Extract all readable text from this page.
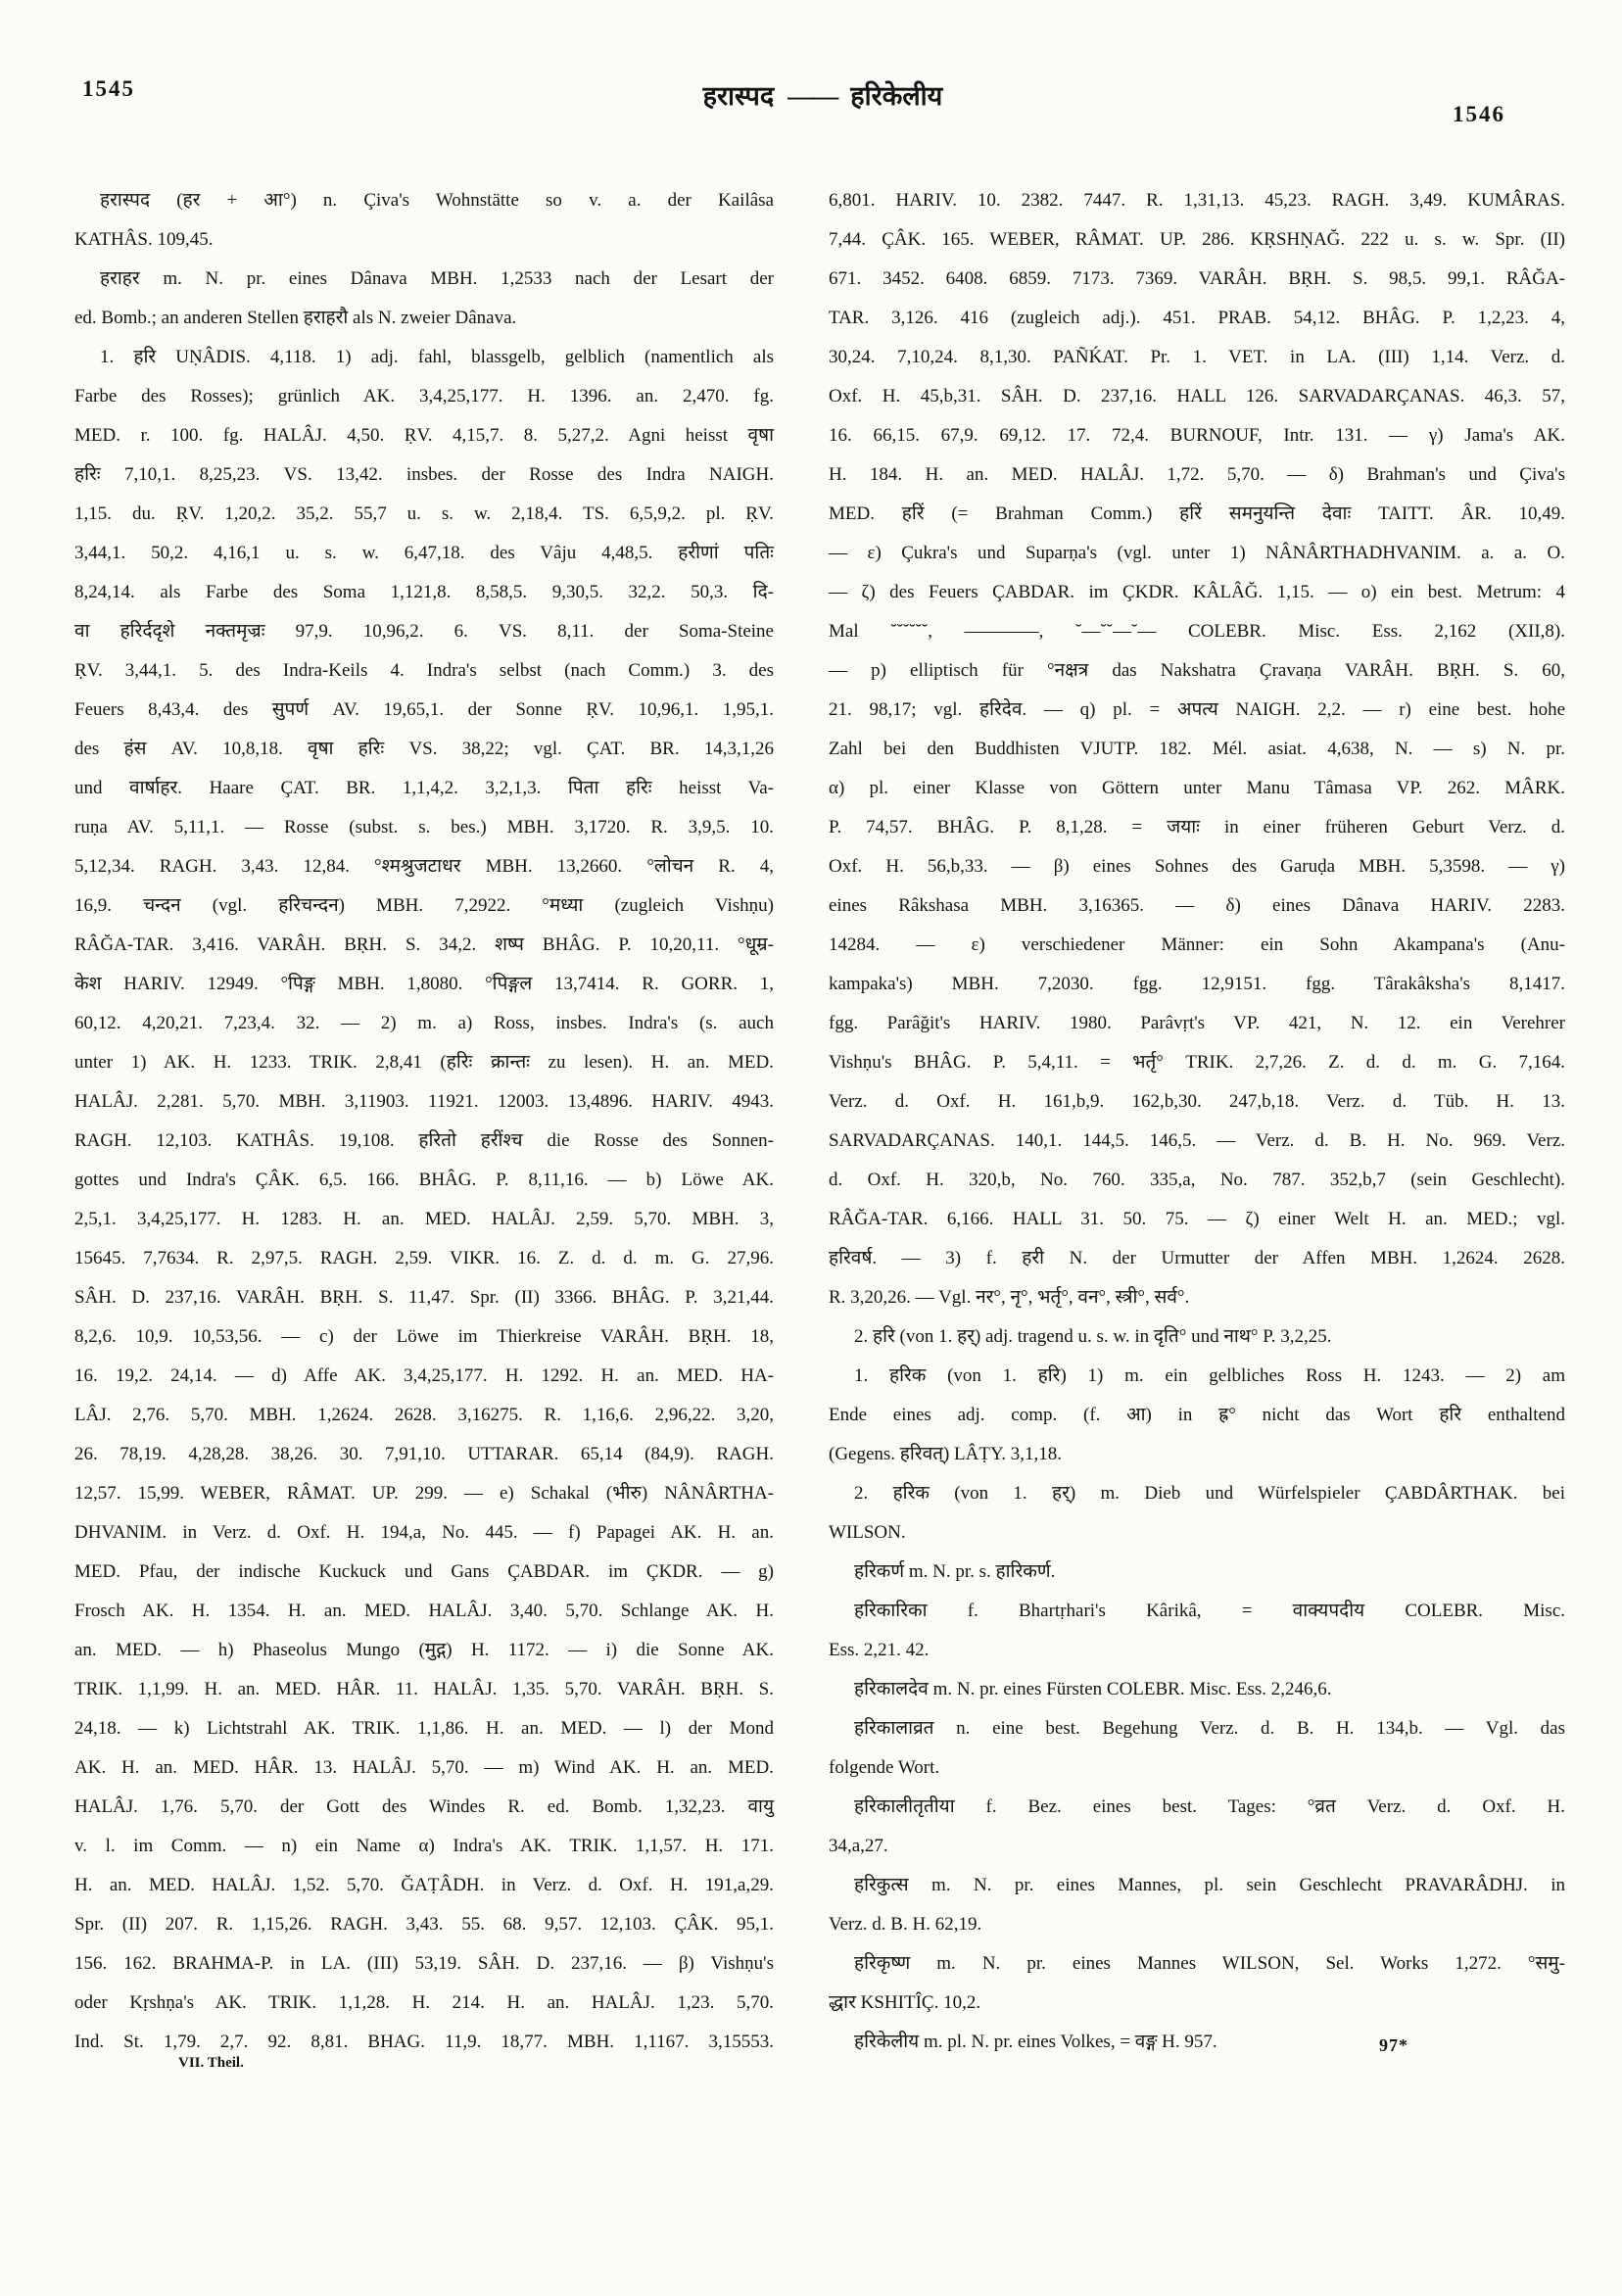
1545	हरास्पद —— हरिकेलीय
1546
हरास्पद (हर + आ°) n. Çiva's Wohnstätte so v. a. der Kailâsa
KATHÂS. 109,45.
हराहर m. N. pr. eines Dânava MBH. 1,2533 nach der Lesart der
ed. Bomb.; an anderen Stellen हराहरौ als N. zweier Dânava.
1. हरि UṆÂDIS. 4,118. 1) adj. fahl, blassgelb, gelblich (namentlich als
Farbe des Rosses); grünlich AK. 3,4,25,177. H. 1396. an. 2,470. fg.
MED. r. 100. fg. HALÂJ. 4,50. ṚV. 4,15,7. 8. 5,27,2. Agni heisst वृषा
हरिः 7,10,1. 8,25,23. VS. 13,42. insbes. der Rosse des Indra NAIGH.
1,15. du. ṚV. 1,20,2. 35,2. 55,7 u. s. w. 2,18,4. TS. 6,5,9,2. pl. ṚV.
3,44,1. 50,2. 4,16,1 u. s. w. 6,47,18. des Vâju 4,48,5. हरीणां पतिः
8,24,14. als Farbe des Soma 1,121,8. 8,58,5. 9,30,5. 32,2. 50,3. दि-
वा हरिर्ददृशे नक्तमृज्रः 97,9. 10,96,2. 6. VS. 8,11. der Soma-Steine
ṚV. 3,44,1. 5. des Indra-Keils 4. Indra's selbst (nach Comm.) 3. des
Feuers 8,43,4. des सुपर्ण AV. 19,65,1. der Sonne ṚV. 10,96,1. 1,95,1.
des हंस AV. 10,8,18. वृषा हरिः VS. 38,22; vgl. ÇAT. BR. 14,3,1,26
und वार्षाहर. Haare ÇAT. BR. 1,1,4,2. 3,2,1,3. पिता हरिः heisst Va-
ruṇa AV. 5,11,1. — Rosse (subst. s. bes.) MBH. 3,1720. R. 3,9,5. 10.
5,12,34. RAGH. 3,43. 12,84. °श्मश्रुजटाधर MBH. 13,2660. °लोचन R. 4,
16,9. चन्दन (vgl. हरिचन्दन) MBH. 7,2922. °मध्या (zugleich Vishṇu)
RÂĞA-TAR. 3,416. VARÂH. BṚH. S. 34,2. शष्प BHÂG. P. 10,20,11. °धूम्र-
केश HARIV. 12949. °पिङ्ग MBH. 1,8080. °पिङ्गल 13,7414. R. GORR. 1,
60,12. 4,20,21. 7,23,4. 32. — 2) m. a) Ross, insbes. Indra's (s. auch
unter 1) AK. H. 1233. TRIK. 2,8,41 (हरिः क्रान्तः zu lesen). H. an. MED.
HALÂJ. 2,281. 5,70. MBH. 3,11903. 11921. 12003. 13,4896. HARIV. 4943.
RAGH. 12,103. KATHÂS. 19,108. हरितो हरींश्च die Rosse des Sonnen-
gottes und Indra's ÇÂK. 6,5. 166. BHÂG. P. 8,11,16. — b) Löwe AK.
2,5,1. 3,4,25,177. H. 1283. H. an. MED. HALÂJ. 2,59. 5,70. MBH. 3,
15645. 7,7634. R. 2,97,5. RAGH. 2,59. VIKR. 16. Z. d. d. m. G. 27,96.
SÂH. D. 237,16. VARÂH. BṚH. S. 11,47. Spr. (II) 3366. BHÂG. P. 3,21,44.
8,2,6. 10,9. 10,53,56. — c) der Löwe im Thierkreise VARÂH. BṚH. 18,
16. 19,2. 24,14. — d) Affe AK. 3,4,25,177. H. 1292. H. an. MED. HA-
LÂJ. 2,76. 5,70. MBH. 1,2624. 2628. 3,16275. R. 1,16,6. 2,96,22. 3,20,
26. 78,19. 4,28,28. 38,26. 30. 7,91,10. UTTARAR. 65,14 (84,9). RAGH.
12,57. 15,99. WEBER, RÂMAT. UP. 299. — e) Schakal (भीरु) NÂNÂRTHA-
DHVANIM. in Verz. d. Oxf. H. 194,a, No. 445. — f) Papagei AK. H. an.
MED. Pfau, der indische Kuckuck und Gans ÇABDAR. im ÇKDR. — g)
Frosch AK. H. 1354. H. an. MED. HALÂJ. 3,40. 5,70. Schlange AK. H.
an. MED. — h) Phaseolus Mungo (मुद्ग) H. 1172. — i) die Sonne AK.
TRIK. 1,1,99. H. an. MED. HÂR. 11. HALÂJ. 1,35. 5,70. VARÂH. BṚH. S.
24,18. — k) Lichtstrahl AK. TRIK. 1,1,86. H. an. MED. — l) der Mond
AK. H. an. MED. HÂR. 13. HALÂJ. 5,70. — m) Wind AK. H. an. MED.
HALÂJ. 1,76. 5,70. der Gott des Windes R. ed. Bomb. 1,32,23. वायु
v. l. im Comm. — n) ein Name α) Indra's AK. TRIK. 1,1,57. H. 171.
H. an. MED. HALÂJ. 1,52. 5,70. ĞAṬÂDH. in Verz. d. Oxf. H. 191,a,29.
Spr. (II) 207. R. 1,15,26. RAGH. 3,43. 55. 68. 9,57. 12,103. ÇÂK. 95,1.
156. 162. BRAHMA-P. in LA. (III) 53,19. SÂH. D. 237,16. — β) Vishṇu's
oder Kṛshṇa's AK. TRIK. 1,1,28. H. 214. H. an. HALÂJ. 1,23. 5,70.
Ind. St. 1,79. 2,7. 92. 8,81. BHAG. 11,9. 18,77. MBH. 1,1167. 3,15553.
6,801. HARIV. 10. 2382. 7447. R. 1,31,13. 45,23. RAGH. 3,49. KUMÂRAS.
7,44. ÇÂK. 165. WEBER, RÂMAT. UP. 286. KṚSHṆAĞ. 222 u. s. w. Spr. (II)
671. 3452. 6408. 6859. 7173. 7369. VARÂH. BṚH. S. 98,5. 99,1. RÂĞA-
TAR. 3,126. 416 (zugleich adj.). 451. PRAB. 54,12. BHÂG. P. 1,2,23. 4,
30,24. 7,10,24. 8,1,30. PAÑḰAT. Pr. 1. VET. in LA. (III) 1,14. Verz. d.
Oxf. H. 45,b,31. SÂH. D. 237,16. HALL 126. SARVADARÇANAS. 46,3. 57,
16. 66,15. 67,9. 69,12. 17. 72,4. BURNOUF, Intr. 131. — γ) Jama's AK.
H. 184. H. an. MED. HALÂJ. 1,72. 5,70. — δ) Brahman's und Çiva's
MED. हरिं (= Brahman Comm.) हरिं समनुयन्ति देवाः TAITT. ÂR. 10,49.
— ε) Çukra's und Suparṇa's (vgl. unter 1) NÂNÂRTHADHVANIM. a. a. O.
— ζ) des Feuers ÇABDAR. im ÇKDR. KÂLÂĞ. 1,15. — o) ein best. Metrum: 4
Mal ˘˘˘˘˘˘, ————, ˘—˘˘—˘— COLEBR. Misc. Ess. 2,162 (XII,8).
— p) elliptisch für °नक्षत्र das Nakshatra Çravaṇa VARÂH. BṚH. S. 60,
21. 98,17; vgl. हरिदेव. — q) pl. = अपत्य NAIGH. 2,2. — r) eine best. hohe
Zahl bei den Buddhisten VJUTP. 182. Mél. asiat. 4,638, N. — s) N. pr.
α) pl. einer Klasse von Göttern unter Manu Tâmasa VP. 262. MÂRK.
P. 74,57. BHÂG. P. 8,1,28. = जयाः in einer früheren Geburt Verz. d.
Oxf. H. 56,b,33. — β) eines Sohnes des Garuḍa MBH. 5,3598. — γ)
eines Râkshasa MBH. 3,16365. — δ) eines Dânava HARIV. 2283.
14284. — ε) verschiedener Männer: ein Sohn Akampana's (Anu-
kampaka's) MBH. 7,2030. fgg. 12,9151. fgg. Târakâksha's 8,1417.
fgg. Parâğit's HARIV. 1980. Parâvṛt's VP. 421, N. 12. ein Verehrer
Vishṇu's BHÂG. P. 5,4,11. = भर्तृ° TRIK. 2,7,26. Z. d. d. m. G. 7,164.
Verz. d. Oxf. H. 161,b,9. 162,b,30. 247,b,18. Verz. d. Tüb. H. 13.
SARVADARÇANAS. 140,1. 144,5. 146,5. — Verz. d. B. H. No. 969. Verz.
d. Oxf. H. 320,b, No. 760. 335,a, No. 787. 352,b,7 (sein Geschlecht).
RÂĞA-TAR. 6,166. HALL 31. 50. 75. — ζ) einer Welt H. an. MED.; vgl.
हरिवर्ष. — 3) f. हरी N. der Urmutter der Affen MBH. 1,2624. 2628.
R. 3,20,26. — Vgl. नर°, नृ°, भर्तृ°, वन°, स्त्री°, सर्व°.
2. हरि (von 1. हर्) adj. tragend u. s. w. in दृति° und नाथ° P. 3,2,25.
1. हरिक (von 1. हरि) 1) m. ein gelbliches Ross H. 1243. — 2) am
Ende eines adj. comp. (f. आ) in ह्र° nicht das Wort हरि enthaltend
(Gegens. हरिवत्) LÂṬY. 3,1,18.
2. हरिक (von 1. हर्) m. Dieb und Würfelspieler ÇABDÂRTHAK. bei
WILSON.
हरिकर्ण m. N. pr. s. हारिकर्ण.
हरिकारिका f. Bhartṛhari's Kârikâ, = वाक्यपदीय COLEBR. Misc.
Ess. 2,21. 42.
हरिकालदेव m. N. pr. eines Fürsten COLEBR. Misc. Ess. 2,246,6.
हरिकालाव्रत n. eine best. Begehung Verz. d. B. H. 134,b. — Vgl. das
folgende Wort.
हरिकालीतृतीया f. Bez. eines best. Tages: °व्रत Verz. d. Oxf. H.
34,a,27.
हरिकुत्स m. N. pr. eines Mannes, pl. sein Geschlecht PRAVARÂDHJ. in
Verz. d. B. H. 62,19.
हरिकृष्ण m. N. pr. eines Mannes WILSON, Sel. Works 1,272. °समु-
द्धार KSHITÎÇ. 10,2.
हरिकेलीय m. pl. N. pr. eines Volkes, = वङ्ग H. 957.
VII. Theil.
97*
